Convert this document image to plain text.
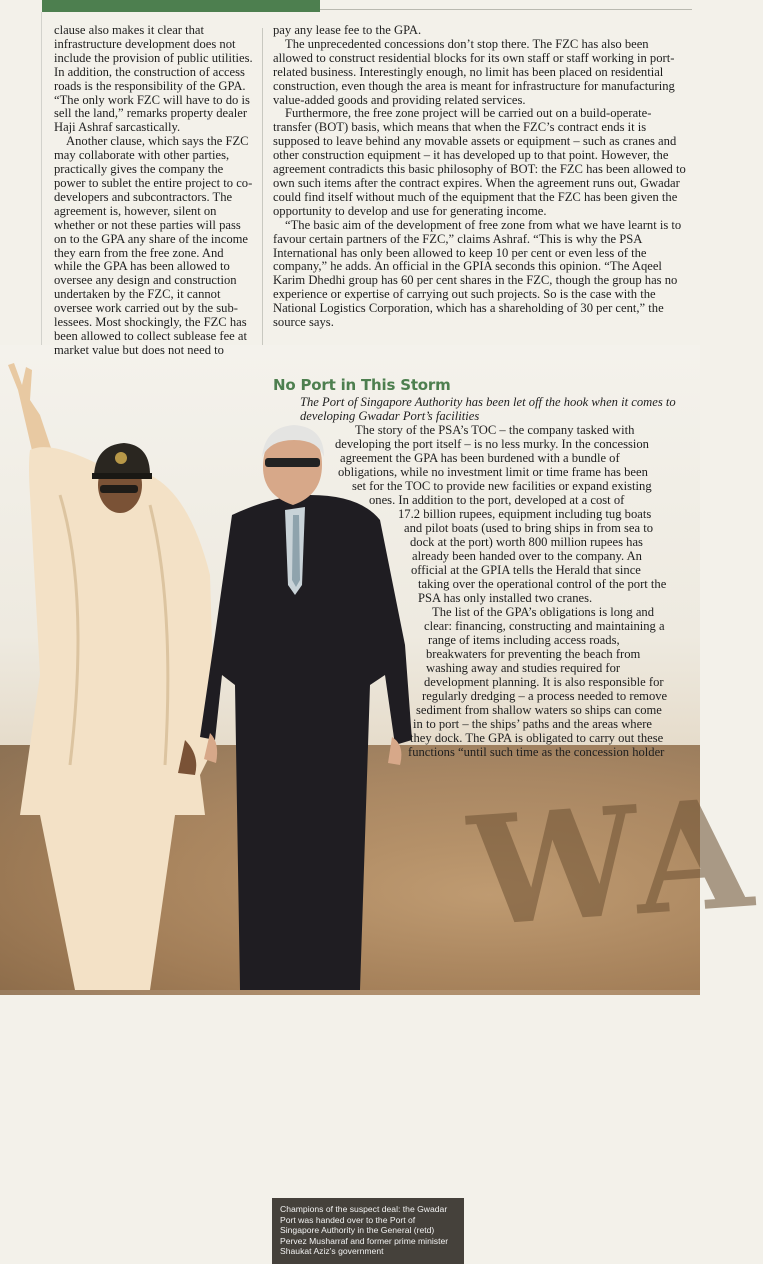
WA
Champions of the suspect deal: the Gwadar Port was handed over to the Port of Singapore Authority in the General (retd) Pervez Musharraf and former prime minister Shaukat Aziz’s government

clause also makes it clear that infrastructure development does not include the provision of public utilities. In addition, the construction of access roads is the responsibility of the GPA. “The only work FZC will have to do is sell the land,” remarks property dealer Haji Ashraf sarcastically.

Another clause, which says the FZC may collaborate with other parties, practically gives the company the power to sublet the entire project to co-developers and subcontractors. The agreement is, however, silent on whether or not these parties will pass on to the GPA any share of the income they earn from the free zone. And while the GPA has been allowed to oversee any design and construction undertaken by the FZC, it cannot oversee work carried out by the sub-lessees. Most shockingly, the FZC has been allowed to collect sublease fee at market value but does not need to

pay any lease fee to the GPA.

The unprecedented concessions don’t stop there. The FZC has also been allowed to construct residential blocks for its own staff or staff working in port-related business. Interestingly enough, no limit has been placed on residential construction, even though the area is meant for infrastructure for manufacturing value-added goods and providing related services.

Furthermore, the free zone project will be carried out on a build-operate-transfer (BOT) basis, which means that when the FZC’s contract ends it is supposed to leave behind any movable assets or equipment – such as cranes and other construction equipment – it has developed up to that point. However, the agreement contradicts this basic philosophy of BOT: the FZC has been allowed to own such items after the contract expires. When the agreement runs out, Gwadar could find itself without much of the equipment that the FZC has been given the opportunity to develop and use for generating income.

“The basic aim of the development of free zone from what we have learnt is to favour certain partners of the FZC,” claims Ashraf. “This is why the PSA International has only been allowed to keep 10 per cent or even less of the company,” he adds. An official in the GPIA seconds this opinion. “The Aqeel Karim Dhedhi group has 60 per cent shares in the FZC, though the group has no experience or expertise of carrying out such projects. So is the case with the National Logistics Corporation, which has a shareholding of 30 per cent,” the source says.

No Port in This Storm

The Port of Singapore Authority has been let off the hook when it comes to developing Gwadar Port’s facilities

The story of the PSA’s TOC – the company tasked with
developing the port itself – is no less murky. In the concession
agreement the GPA has been burdened with a bundle of
obligations, while no investment limit or time frame has been
set for the TOC to provide new facilities or expand existing
ones. In addition to the port, developed at a cost of
17.2 billion rupees, equipment including tug boats
and pilot boats (used to bring ships in from sea to
dock at the port) worth 800 million rupees has
already been handed over to the company. An
official at the GPIA tells the Herald that since
taking over the operational control of the port the
PSA has only installed two cranes.
The list of the GPA’s obligations is long and
clear: financing, constructing and maintaining a
range of items including access roads,
breakwaters for preventing the beach from
washing away and studies required for
development planning. It is also responsible for
regularly dredging – a process needed to remove
sediment from shallow waters so ships can come
in to port – the ships’ paths and the areas where
they dock. The GPA is obligated to carry out these
functions “until such time as the concession holder
